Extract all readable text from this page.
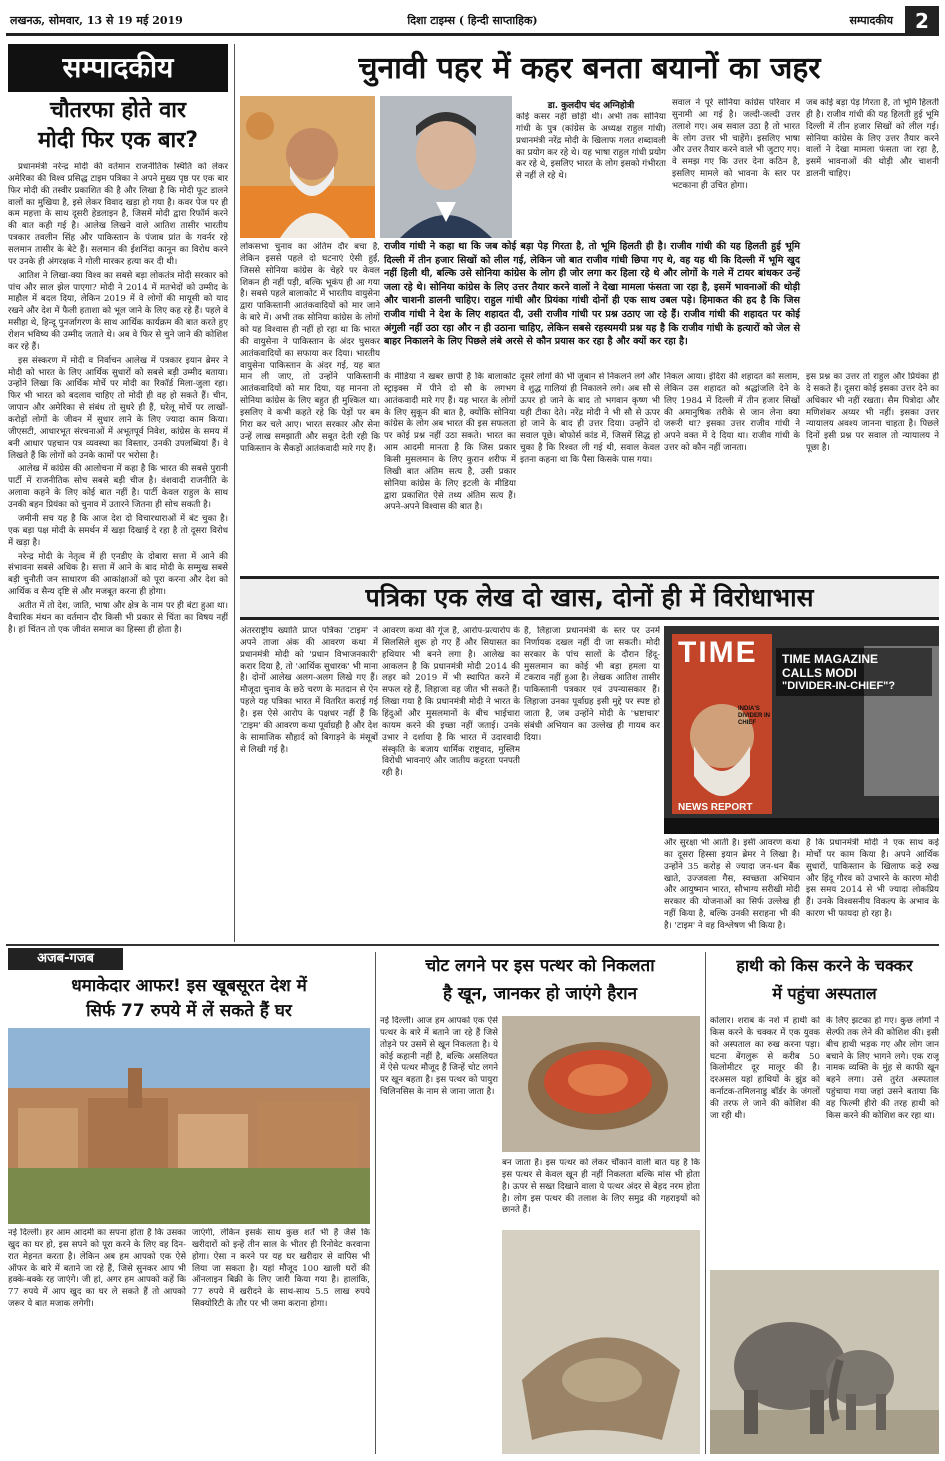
लखनऊ, सोमवार, 13 से 19 मई 2019	दिशा टाइम्स ( हिन्दी साप्ताहिक)	सम्पादकीय	2
सम्पादकीय
चौतरफा होते वार
मोदी फिर एक बार?

प्रधानमंत्री नरेन्द्र मोदी की वर्तमान राजनीतिक स्थिति को लेकर अमेरिका की विश्व प्रसिद्ध टाइम पत्रिका ने अपने मुख्य पृष्ठ पर एक बार फिर मोदी की तस्वीर प्रकाशित की है और लिखा है कि मोदी फूट डालने वालों का मुखिया है, इसे लेकर विवाद खड़ा हो गया है। कवर पेज पर ही कम महत्ता के साथ दूसरी हेडलाइन है, जिसमें मोदी द्वारा रिफॉर्म करने की बात कही गई है। आलेख लिखने वाले आतिश तासीर भारतीय पत्रकार तवलीन सिंह और पाकिस्तान के पंजाब प्रांत के गवर्नर रहे सलमान तासीर के बेटे हैं। सलमान की ईशनिंदा कानून का विरोध करने पर उनके ही अंगरक्षक ने गोली मारकर हत्या कर दी थी।

आतिश ने लिखा-क्या विश्व का सबसे बड़ा लोकतंत्र मोदी सरकार को पांच और साल झेल पाएगा? मोदी ने 2014 में मतभेदों को उम्मीद के माहौल में बदल दिया, लेकिन 2019 में वे लोगों की मायूसी को याद रखने और देश में फैली हताशा को भूल जाने के लिए कह रहे हैं। पहले वे मसीहा थे, हिन्दू पुनर्जागरण के साथ आर्थिक कार्यक्रम की बात करते हुए रोशन भविष्य की उम्मीद जताते थे। अब वे फिर से चुने जाने की कोशिश कर रहे हैं।

इस संस्करण में मोदी व निर्वाचन आलेख में पत्रकार इयान ब्रेमर ने मोदी को भारत के लिए आर्थिक सुधारों को सबसे बड़ी उम्मीद बताया। उन्होंने लिखा कि आर्थिक मोर्चे पर मोदी का रिकॉर्ड मिला-जुला रहा। फिर भी भारत को बदलाव चाहिए तो मोदी ही वह हो सकते हैं। चीन, जापान और अमेरिका से संबंध तो सुधरे ही हैं, घरेलू मोर्चे पर लाखों-करोड़ों लोगों के जीवन में सुधार लाने के लिए ज्यादा काम किया। जीएसटी, आधारभूत संरचनाओं में अभूतपूर्व निवेश, कांग्रेस के समय में बनी आधार पहचान पत्र व्यवस्था का विस्तार, उनकी उपलब्धियां हैं। वे लिखते हैं कि लोगों को उनके कामों पर भरोसा है।

आलेख में कांग्रेस की आलोचना में कहा है कि भारत की सबसे पुरानी पार्टी में राजनीतिक सोच सबसे बड़ी चीज है। वंशवादी राजनीति के अलावा कहने के लिए कोई बात नहीं है। पार्टी केवल राहुल के साथ उनकी बहन प्रियंका को चुनाव में उतारने जितना ही सोच सकती है।

जमीनी सच यह है कि आज देश दो विचारधाराओं में बंट चुका है। एक बड़ा पक्ष मोदी के समर्थन में खड़ा दिखाई दे रहा है तो दूसरा विरोध में खड़ा है।

नरेन्द्र मोदी के नेतृत्व में ही एनडीए के दोबारा सत्ता में आने की संभावना सबसे अधिक है। सत्ता में आने के बाद मोदी के सम्मुख सबसे बड़ी चुनौती जन साधारण की आकांक्षाओं को पूरा करना और देश को आर्थिक व सैन्य दृष्टि से और मजबूत करना ही होगा।

अतीत में तो देश, जाति, भाषा और क्षेत्र के नाम पर ही बंटा हुआ था। वैचारिक मंथन का वर्तमान दौर किसी भी प्रकार से चिंता का विषय नहीं है। हां चिंतन तो एक जीवंत समाज का हिस्सा ही होता है।

चुनावी पहर में कहर बनता बयानों का जहर
डा. कुलदीप चंद अग्निहोत्री
कोई कसर नहीं छोड़ी थी। अभी तक सोनिया गांधी के पुत्र (कांग्रेस के अध्यक्ष राहुल गांधी) प्रधानमंत्री नरेंद्र मोदी के खिलाफ गलत शब्दावली का प्रयोग कर रहे थे। यह भाषा राहुल गांधी प्रयोग कर रहे थे, इसलिए भारत के लोग इसको गंभीरता से नहीं ले रहे थे।
सवाल ने पूरे सोनिया कांग्रेस परिवार में सुनामी आ गई है। जल्दी-जल्दी उत्तर तलाशे गए। अब सवाल उठा है तो भारत के लोग उत्तर भी चाहेंगे। इसलिए भाषा और उत्तर तैयार करने वाले भी जुटाए गए। वे समझ गए कि उत्तर देना कठिन है, इसलिए मामले को भावना के स्तर पर भटकाना ही उचित होगा।
जब कोई बड़ा पेड़ गिरता है, तो भूमि हिलती ही है। राजीव गांधी की यह हिलती हुई भूमि दिल्ली में तीन हजार सिखों को लील गई। सोनिया कांग्रेस के लिए उत्तर तैयार करने वालों ने देखा मामला फंसता जा रहा है, इसमें भावनाओं की थोड़ी और चाशनी डालनी चाहिए।
राजीव गांधी ने कहा था कि जब कोई बड़ा पेड़ गिरता है, तो भूमि हिलती ही है। राजीव गांधी की यह हिलती हुई भूमि दिल्ली में तीन हजार सिखों को लील गई, लेकिन जो बात राजीव गांधी छिपा गए थे, वह यह थी कि दिल्ली में भूमि खुद नहीं हिली थी, बल्कि उसे सोनिया कांग्रेस के लोग ही जोर लगा कर हिला रहे थे और लोगों के गले में टायर बांधकर उन्हें जला रहे थे। सोनिया कांग्रेस के लिए उत्तर तैयार करने वालों ने देखा मामला फंसता जा रहा है, इसमें भावनाओं की थोड़ी और चाशनी डालनी चाहिए। राहुल गांधी और प्रियंका गांधी दोनों ही एक साथ उबल पड़े। हिमाकत की हद है कि जिस राजीव गांधी ने देश के लिए शहादत दी, उसी राजीव गांधी पर प्रश्न उठाए जा रहे हैं। राजीव गांधी की शहादत पर कोई अंगुली नहीं उठा रहा और न ही उठाना चाहिए, लेकिन सबसे रहस्यमयी प्रश्न यह है कि राजीव गांधी के हत्यारों को जेल से बाहर निकालने के लिए पिछले लंबे अरसे से कौन प्रयास कर रहा है और क्यों कर रहा है।
लोकसभा चुनाव का अंतिम दौर बचा है, लेकिन इससे पहले दो घटनाएं ऐसी हुईं, जिससे सोनिया कांग्रेस के चेहरे पर केवल शिकन ही नहीं पड़ी, बल्कि भूकंप ही आ गया है। सबसे पहले बालाकोट में भारतीय वायुसेना द्वारा पाकिस्तानी आतंकवादियों को मार जाने के बारे में। अभी तक सोनिया कांग्रेस के लोगों को यह विश्वास ही नहीं हो रहा था कि भारत की वायुसेना ने पाकिस्तान के अंदर घुसकर आतंकवादियों का सफाया कर दिया। भारतीय वायुसेना पाकिस्तान के अंदर गई, यह बात मान ली जाए, तो उन्होंने पाकिस्तानी आतंकवादियों को मार दिया, यह मानना तो सोनिया कांग्रेस के लिए बहुत ही मुश्किल था। इसलिए वे कभी कहते रहे कि पेड़ों पर बम गिरा कर चले आए। भारत सरकार और सेना उन्हें लाख समझाती और सबूत देती रही कि पाकिस्तान के सैकड़ों आतंकवादी मारे गए हैं।
के मीडिया ने खबर छापी है कि बालाकोट स्ट्राइक्स में पीने दो सौ के लगभग आतंकवादी मारे गए हैं। यह भारत के लोगों के लिए सुकून की बात है, क्योंकि सोनिया कांग्रेस के लोग अब भारत की इस सफलता पर कोई प्रश्न नहीं उठा सकते। भारत का आम आदमी मानता है कि जिस प्रकार किसी मुसलमान के लिए कुरान शरीफ में लिखी बात अंतिम सत्य है, उसी प्रकार सोनिया कांग्रेस के लिए इटली के मीडिया द्वारा प्रकाशित ऐसे तथ्य अंतिम सत्य हैं। अपने-अपने विश्वास की बात है।
दूसरे लोगों की भी जुबान से निकलने लगे और वे शुद्ध गालियां ही निकालने लगे। अब सौ से ऊपर हो जाने के बाद तो भगवान कृष्ण भी यही टीका देते। नरेंद्र मोदी ने भी सौ से ऊपर हो जाने के बाद ही उत्तर दिया। उन्होंने दो सवाल पूछे। बोफोर्स कांड में, जिसमें सिद्ध हो चुका है कि रिश्वत ली गई थी, सवाल केवल इतना कहना था कि पैसा किसके पास गया।
निकल आया। इंदिरा की शहादत को सलाम, लेकिन उस शहादत को श्रद्धांजलि देने के लिए 1984 में दिल्ली में तीन हजार सिखों की अमानुषिक तरीके से जान लेना क्या जरूरी था? इसका उत्तर राजीव गांधी ने अपने वक्त में दे दिया था। राजीव गांधी के उत्तर को कौन नहीं जानता।
इस प्रश्न का उत्तर तो राहुल और प्रियंका ही दे सकते हैं। दूसरा कोई इसका उत्तर देने का अधिकार भी नहीं रखता। सैम पित्रोदा और मणिशंकर अय्यर भी नहीं। इसका उत्तर न्यायालय अवश्य जानना चाहता है। पिछले दिनों इसी प्रश्न पर सवाल तो न्यायालय ने पूछा है।
पत्रिका एक लेख दो खास, दोनों ही में विरोधाभास
अंतरराष्ट्रीय ख्याति प्राप्त पत्रिका 'टाइम' ने अपने ताजा अंक की आवरण कथा में प्रधानमंत्री मोदी को 'प्रधान विभाजनकारी' करार दिया है, तो 'आर्थिक सुधारक' भी माना है। दोनों आलेख अलग-अलग लिखे गए हैं। मौजूदा चुनाव के छठे चरण के मतदान से ऐन पहले यह पत्रिका भारत में वितरित कराई गई है। इस ऐसे आरोप के पक्षधर नहीं हैं कि 'टाइम' की आवरण कथा पूर्वाग्रही है और देश के सामाजिक सौहार्द को बिगाड़ने के मंसूबों से लिखी गई है।
आवरण कथा की गूंज है, आरोप-प्रत्यारोप के सिलसिले शुरू हो गए हैं और सियासत का हथियार भी बनने लगा है। आलेख का आकलन है कि प्रधानमंत्री मोदी 2014 की लहर को 2019 में भी स्थापित करने में सफल रहे हैं, लिहाजा वह जीत भी सकते हैं। लिखा गया है कि प्रधानमंत्री मोदी ने भारत के हिंदुओं और मुसलमानों के बीच भाईचारा कायम करने की इच्छा नहीं जताई। उनके उभार ने दर्शाया है कि भारत में उदारवादी संस्कृति के बजाय धार्मिक राष्ट्रवाद, मुस्लिम विरोधी भावनाएं और जातीय कट्टरता पनपती रही है।
है, लिहाजा प्रधानमंत्री के स्तर पर उनमें निर्णायक दखल नहीं दी जा सकती। मोदी सरकार के पांच सालों के दौरान हिंदू-मुसलमान का कोई भी बड़ा हमला या टकराव नहीं हुआ है। लेखक आतिश तासीर पाकिस्तानी पत्रकार एवं उपन्यासकार हैं। लिहाजा उनका पूर्वाग्रह इसी मुद्दे पर स्पष्ट हो जाता है, जब उन्होंने मोदी के 'भ्रष्टाचार' संबंधी अभियान का उल्लेख ही गायब कर दिया।
TIME
INDIA'S DIVIDER IN CHIEF
TIME MAGAZINE
CALLS MODI
"DIVIDER-IN-CHIEF"?
NEWS REPORT
और सुरक्षा भी आती है। इसी आवरण कथा का दूसरा हिस्सा इयान ब्रेमर ने लिखा है। उन्होंने 35 करोड़ से ज्यादा जन-धन बैंक खाते, उज्जवला गैस, स्वच्छता अभियान और आयुष्मान भारत, सौभाग्य सरीखी मोदी सरकार की योजनाओं का सिर्फ उल्लेख ही नहीं किया है, बल्कि उनकी सराहना भी की है। 'टाइम' ने वह विश्लेषण भी किया है।
है कि प्रधानमंत्री मोदी ने एक साथ कई मोर्चों पर काम किया है। अपने आर्थिक सुधारों, पाकिस्तान के खिलाफ कड़े रुख और हिंदू गौरव को उभारने के कारण मोदी इस समय 2014 से भी ज्यादा लोकप्रिय हैं। उनके विश्वसनीय विकल्प के अभाव के कारण भी फायदा हो रहा है।
अजब-गजब
धमाकेदार आफर! इस खूबसूरत देश में
सिर्फ 77 रुपये में लें सकते हैं घर
नई दिल्ली। हर आम आदमी का सपना होता है कि उसका खुद का घर हो, इस सपने को पूरा करने के लिए वह दिन-रात मेहनत करता है। लेकिन अब हम आपको एक ऐसे ऑफर के बारे में बताने जा रहे हैं, जिसे सुनकर आप भी हक्के-बक्के रह जाएंगे। जी हां, अगर हम आपको कहें कि 77 रुपये में आप खुद का घर ले सकते हैं तो आपको जरूर ये बात मजाक लगेगी।
जाएंगी, लेकिन इसके साथ कुछ शर्तें भी हैं जैसे कि खरीदारों को इन्हें तीन साल के भीतर ही रिनोवेट करवाना होगा। ऐसा न करने पर यह घर खरीदार से वापिस भी लिया जा सकता है। यहां मौजूद 100 खाली घरों की ऑनलाइन बिक्री के लिए जारी किया गया है। हालांकि, 77 रुपये में खरीदने के साथ-साथ 5.5 लाख रुपये सिक्योरिटी के तौर पर भी जमा कराना होगा।
चोट लगने पर इस पत्थर को निकलता
है खून, जानकर हो जाएंगे हैरान
नई दिल्ली। आज हम आपको एक ऐसे पत्थर के बारे में बताने जा रहे हैं जिसे तोड़ने पर उसमें से खून निकलता है। ये कोई कहानी नहीं है, बल्कि असलियत में ऐसे पत्थर मौजूद हैं जिन्हें चोट लगने पर खून बहता है। इस पत्थर को पायुरा चिलिनसिस के नाम से जाना जाता है।
बन जाता है। इस पत्थर को लेकर चौंकाने वाली बात यह है कि इस पत्थर से केवल खून ही नहीं निकलता बल्कि मांस भी होता है। ऊपर से सख्त दिखाने वाला ये पत्थर अंदर से बेहद नरम होता है। लोग इस पत्थर की तलाश के लिए समुद्र की गहराइयों को छानते हैं।
हाथी को किस करने के चक्कर
में पहुंचा अस्पताल
कोलार। शराब के नशे में हाथी को किस करने के चक्कर में एक युवक को अस्पताल का रुख करना पड़ा। घटना बेंगलुरू से करीब 50 किलोमीटर दूर मालूर की है। दरअसल यहां हाथियों के झुंड को कर्नाटक-तमिलनाडु बॉर्डर के जंगलों की तरफ ले जाने की कोशिश की जा रही थी।
के लिए झटका हो गए। कुछ लोगों ने सेल्फी तक लेने की कोशिश की। इसी बीच हाथी भड़क गए और लोग जान बचाने के लिए भागने लगे। एक राजू नामक व्यक्ति के मुंह से काफी खून बहने लगा। उसे तुरंत अस्पताल पहुंचाया गया जहां उसने बताया कि वह फिल्मी हीरो की तरह हाथी को किस करने की कोशिश कर रहा था।
